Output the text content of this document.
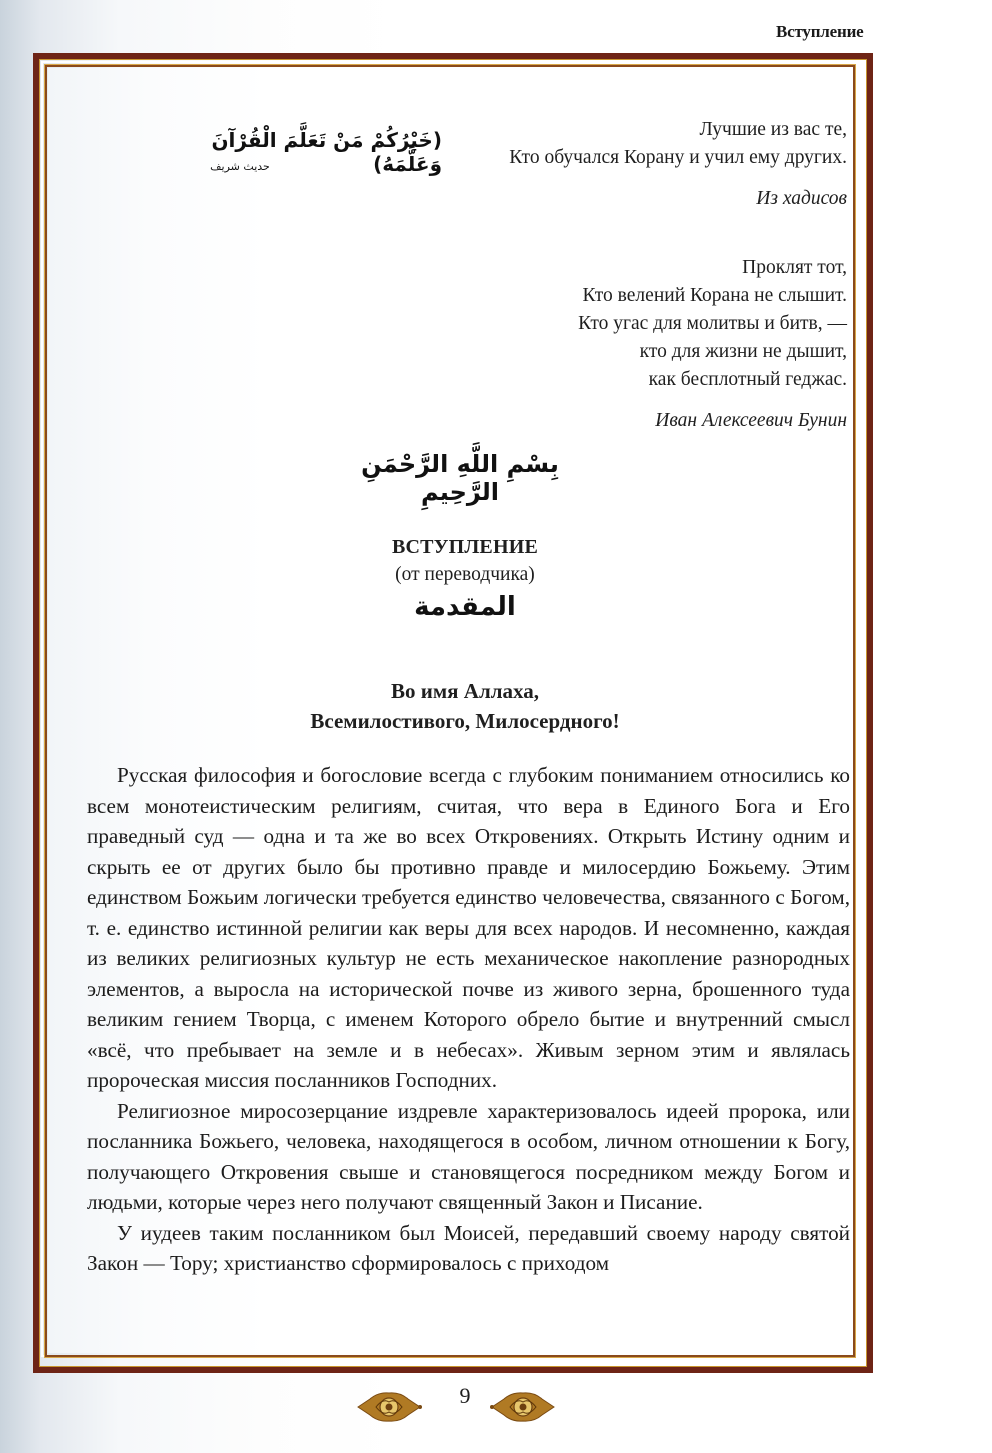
Вступление
(خَيْرُكُمْ مَنْ تَعَلَّمَ الْقُرْآنَ وَعَلَّمَهُ)
حديث شريف
Лучшие из вас те,
Кто обучался Корану и учил ему других.
Из хадисов
Проклят тот,
Кто велений Корана не слышит.
Кто угас для молитвы и битв, —
кто для жизни не дышит,
как бесплотный геджас.
Иван Алексеевич Бунин
بِسْمِ اللَّهِ الرَّحْمَنِ الرَّحِيمِ
ВСТУПЛЕНИЕ
(от переводчика)
المقدمة
Во имя Аллаха,
Всемилостивого, Милосердного!

Русская философия и богословие всегда с глубоким пониманием относились ко всем монотеистическим религиям, считая, что вера в Единого Бога и Его праведный суд — одна и та же во всех Откровениях. Открыть Истину одним и скрыть ее от других было бы противно правде и милосердию Божьему. Этим единством Божьим логически требуется единство человечества, связанного с Богом, т. е. единство истинной религии как веры для всех народов. И несомненно, каждая из великих религиозных культур не есть механическое накопление разнородных элементов, а выросла на исторической почве из живого зерна, брошенного туда великим гением Творца, с именем Которого обрело бытие и внутренний смысл «всё, что пребывает на земле и в небесах». Живым зерном этим и являлась пророческая миссия посланников Господних.

Религиозное миросозерцание издревле характеризовалось идеей пророка, или посланника Божьего, человека, находящегося в особом, личном отношении к Богу, получающего Откровения свыше и становящегося посредником между Богом и людьми, которые через него получают священный Закон и Писание.

У иудеев таким посланником был Моисей, передавший своему народу святой Закон — Тору; христианство сформировалось с приходом

9
